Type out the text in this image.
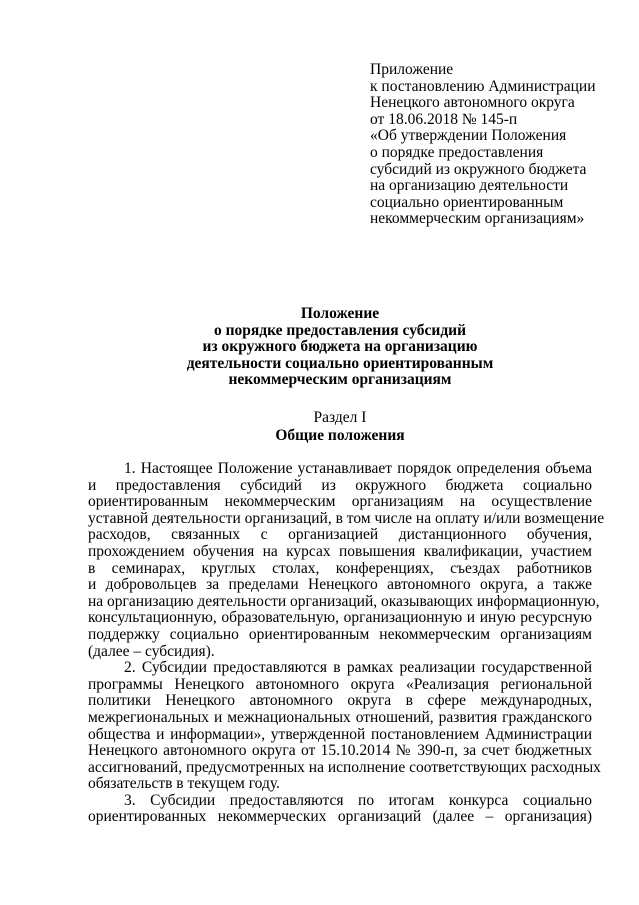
Приложение
к постановлению Администрации
Ненецкого автономного округа
от 18.06.2018 № 145-п
«Об утверждении Положения
о порядке предоставления
субсидий из окружного бюджета
на организацию деятельности
социально ориентированным
некоммерческим организациям»
Положение
о порядке предоставления субсидий
из окружного бюджета на организацию
деятельности социально ориентированным
некоммерческим организациям
Раздел I
Общие положения
1. Настоящее Положение устанавливает порядок определения объема
и предоставления субсидий из окружного бюджета социально
ориентированным некоммерческим организациям на осуществление
уставной деятельности организаций, в том числе на оплату и/или возмещение
расходов, связанных с организацией дистанционного обучения,
прохождением обучения на курсах повышения квалификации, участием
в семинарах, круглых столах, конференциях, съездах работников
и добровольцев за пределами Ненецкого автономного округа, а также
на организацию деятельности организаций, оказывающих информационную,
консультационную, образовательную, организационную и иную ресурсную
поддержку социально ориентированным некоммерческим организациям
(далее – субсидия).
2. Субсидии предоставляются в рамках реализации государственной
программы Ненецкого автономного округа «Реализация региональной
политики Ненецкого автономного округа в сфере международных,
межрегиональных и межнациональных отношений, развития гражданского
общества и информации», утвержденной постановлением Администрации
Ненецкого автономного округа от 15.10.2014 № 390-п, за счет бюджетных
ассигнований, предусмотренных на исполнение соответствующих расходных
обязательств в текущем году.
3. Субсидии предоставляются по итогам конкурса социально
ориентированных некоммерческих организаций (далее – организация)
